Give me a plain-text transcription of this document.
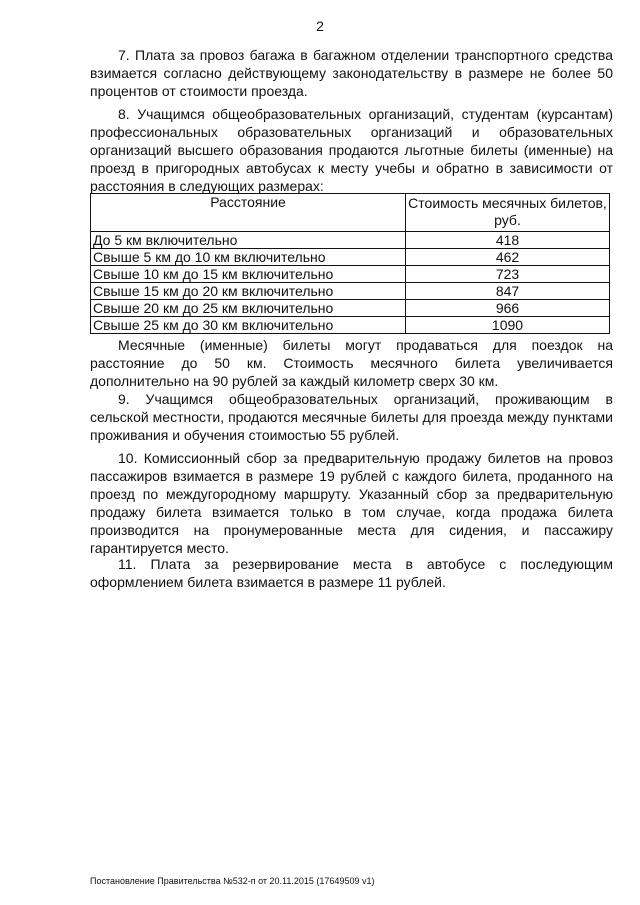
2

7. Плата за провоз багажа в багажном отделении транспортного средства взимается согласно действующему законодательству в размере не более 50 процентов от стоимости проезда.

8. Учащимся общеобразовательных организаций, студентам (курсантам) профессиональных образовательных организаций и образовательных организаций высшего образования продаются льготные билеты (именные) на проезд в пригородных автобусах к месту учебы и обратно в зависимости от расстояния в следующих размерах:

Расстояние	Стоимость месячных билетов, руб.
До 5 км включительно	418
Свыше 5 км до 10 км включительно	462
Свыше 10 км до 15 км включительно	723
Свыше 15 км до 20 км включительно	847
Свыше 20 км до 25 км включительно	966
Свыше 25 км до 30 км включительно	1090

Месячные (именные) билеты могут продаваться для поездок на расстояние до 50 км. Стоимость месячного билета увеличивается дополнительно на 90 рублей за каждый километр сверх 30 км.

9. Учащимся общеобразовательных организаций, проживающим в сельской местности, продаются месячные билеты для проезда между пунктами проживания и обучения стоимостью 55 рублей.

10. Комиссионный сбор за предварительную продажу билетов на провоз пассажиров взимается в размере 19 рублей с каждого билета, проданного на проезд по междугородному маршруту. Указанный сбор за предварительную продажу билета взимается только в том случае, когда продажа билета производится на пронумерованные места для сидения, и пассажиру гарантируется место.

11. Плата за резервирование места в автобусе с последующим оформлением билета взимается в размере 11 рублей.

Постановление Правительства №532-п от 20.11.2015 (17649509 v1)
